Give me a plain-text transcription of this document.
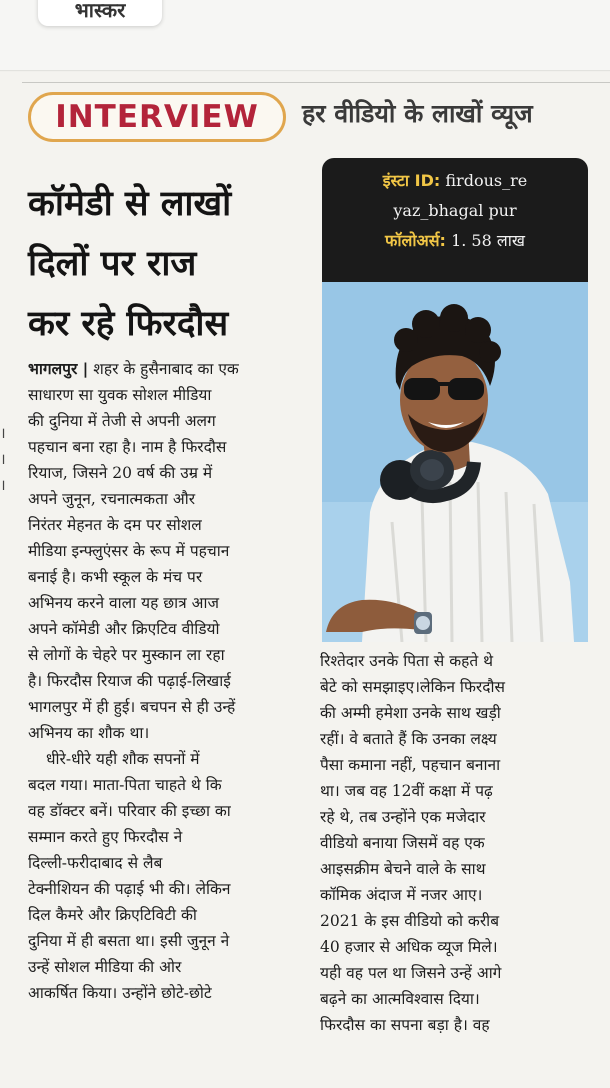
भास्कर
INTERVIEW	हर वीडियो के लाखों व्यूज
कॉमेडी से लाखों
दिलों पर राज
कर रहे फिरदौस
।
।
।
इंस्टा ID: firdous_re
yaz_bhagal pur
फॉलोअर्स: 1. 58 लाख
भागलपुर | शहर के हुसैनाबाद का एक
साधारण सा युवक सोशल मीडिया
की दुनिया में तेजी से अपनी अलग
पहचान बना रहा है। नाम है फिरदौस
रियाज, जिसने 20 वर्ष की उम्र में
अपने जुनून, रचनात्मकता और
निरंतर मेहनत के दम पर सोशल
मीडिया इन्फ्लुएंसर के रूप में पहचान
बनाई है। कभी स्कूल के मंच पर
अभिनय करने वाला यह छात्र आज
अपने कॉमेडी और क्रिएटिव वीडियो
से लोगों के चेहरे पर मुस्कान ला रहा
है। फिरदौस रियाज की पढ़ाई-लिखाई
भागलपुर में ही हुई। बचपन से ही उन्हें
अभिनय का शौक था।
धीरे-धीरे यही शौक सपनों में
बदल गया। माता-पिता चाहते थे कि
वह डॉक्टर बनें। परिवार की इच्छा का
सम्मान करते हुए फिरदौस ने
दिल्ली-फरीदाबाद से लैब
टेक्नीशियन की पढ़ाई भी की। लेकिन
दिल कैमरे और क्रिएटिविटी की
दुनिया में ही बसता था। इसी जुनून ने
उन्हें सोशल मीडिया की ओर
आकर्षित किया। उन्होंने छोटे-छोटे
रिश्तेदार उनके पिता से कहते थे
बेटे को समझाइए।लेकिन फिरदौस
की अम्मी हमेशा उनके साथ खड़ी
रहीं। वे बताते हैं कि उनका लक्ष्य
पैसा कमाना नहीं, पहचान बनाना
था। जब वह 12वीं कक्षा में पढ़
रहे थे, तब उन्होंने एक मजेदार
वीडियो बनाया जिसमें वह एक
आइसक्रीम बेचने वाले के साथ
कॉमिक अंदाज में नजर आए।
2021 के इस वीडियो को करीब
40 हजार से अधिक व्यूज मिले।
यही वह पल था जिसने उन्हें आगे
बढ़ने का आत्मविश्वास दिया।
फिरदौस का सपना बड़ा है। वह
